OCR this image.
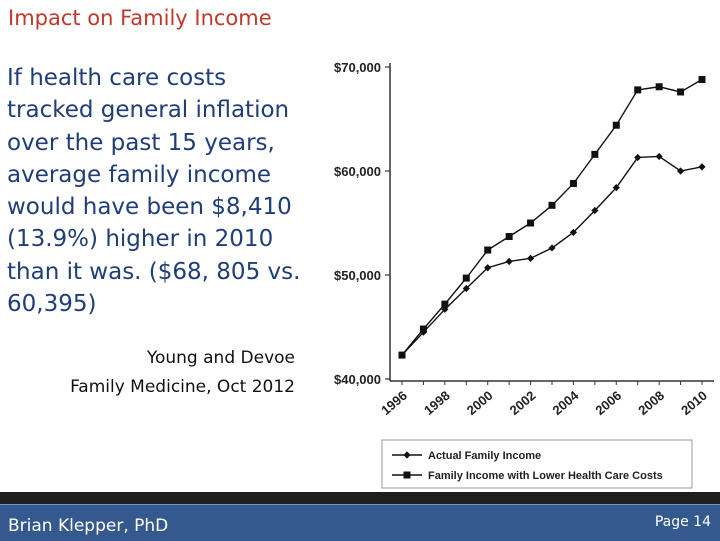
Impact on Family Income
If health care costs tracked general inflation over the past 15 years, average family income would have been $8,410 (13.9%) higher in 2010 than it was. ($68, 805 vs. 60,395)
Young and Devoe
Family Medicine, Oct 2012	$40,000
$50,000
$60,000
$70,000
1996 1998 2000 2002 2004 2006 2008 2010
Actual Family Income
Family Income with Lower Health Care Costs
Brian Klepper, PhD	Page 14
